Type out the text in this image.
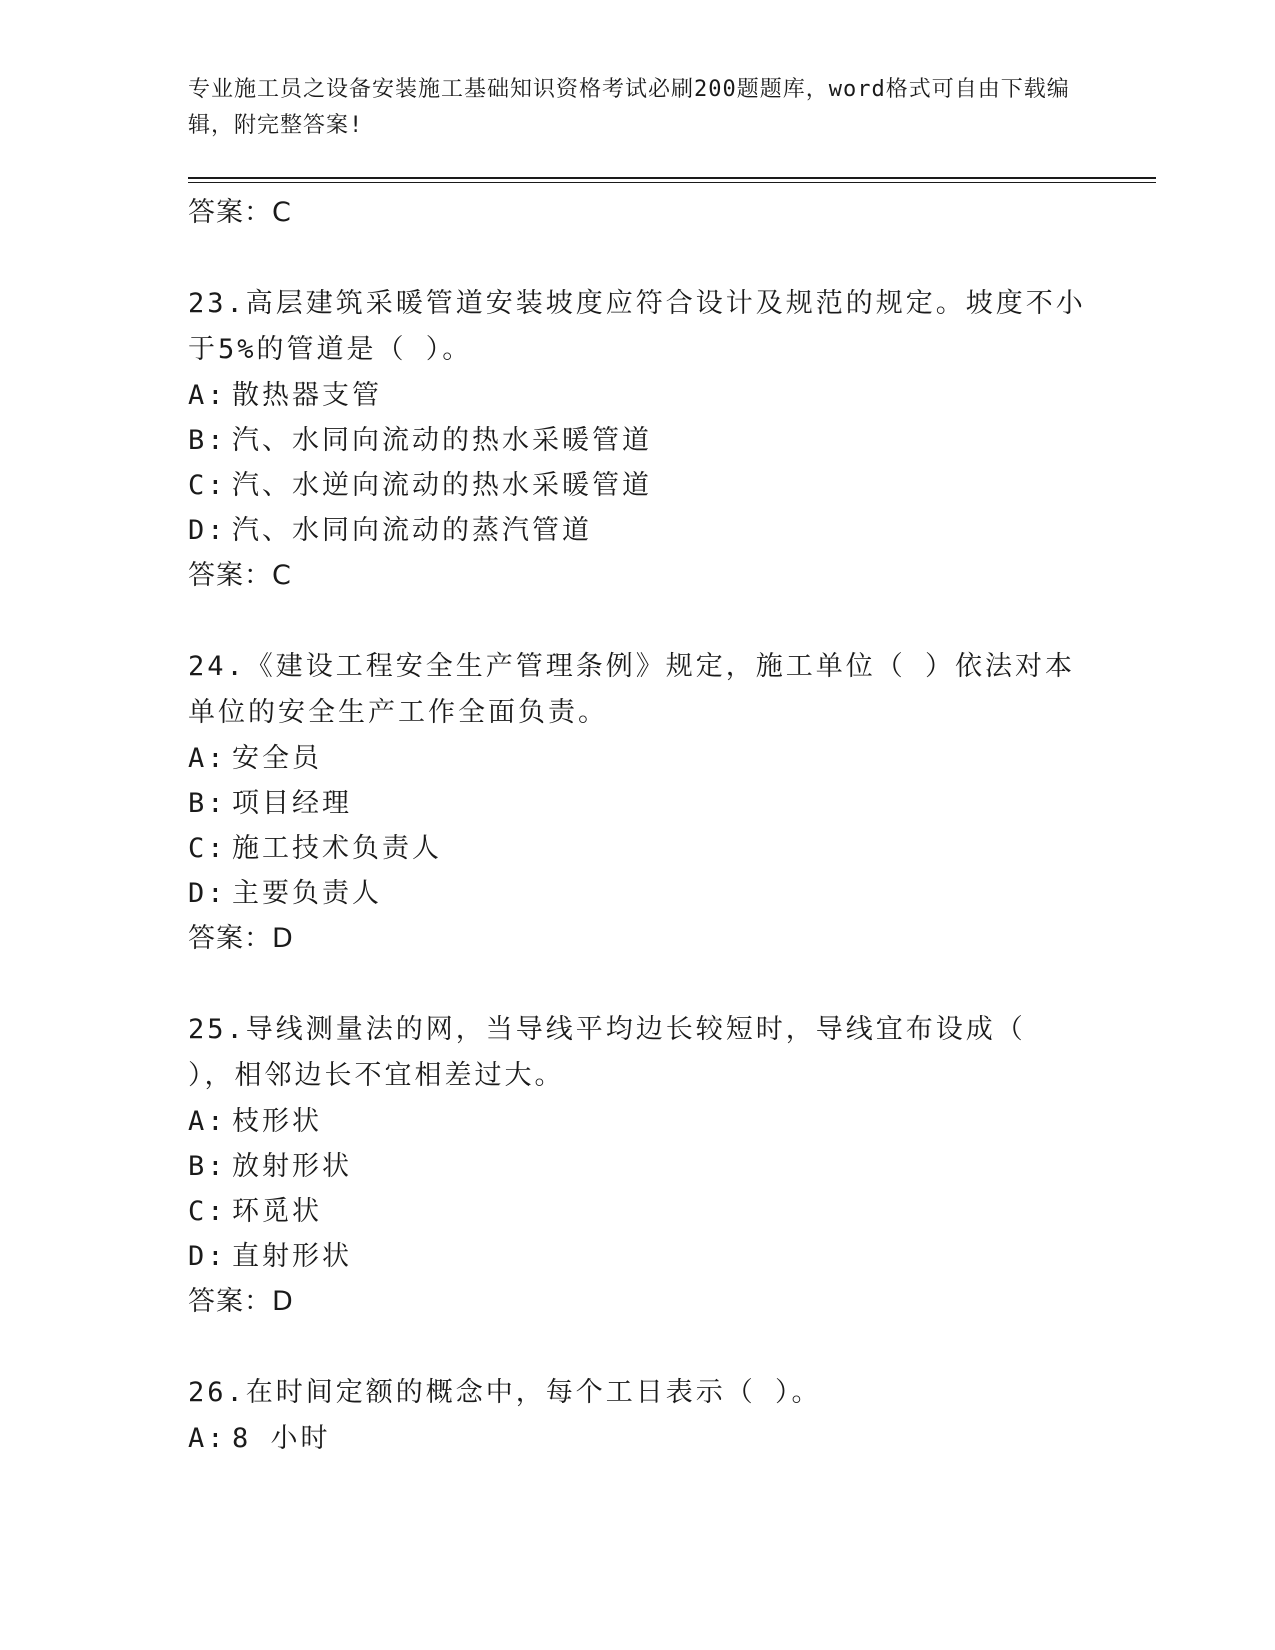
专业施工员之设备安装施工基础知识资格考试必刷200题题库，word格式可自由下载编辑，附完整答案!
答案：C
23.高层建筑采暖管道安装坡度应符合设计及规范的规定。坡度不小于5%的管道是（ ）。
A: 散热器支管
B: 汽、水同向流动的热水采暖管道
C: 汽、水逆向流动的热水采暖管道
D: 汽、水同向流动的蒸汽管道
答案：C
24.《建设工程安全生产管理条例》规定，施工单位（ ）依法对本单位的安全生产工作全面负责。
A: 安全员
B: 项目经理
C: 施工技术负责人
D: 主要负责人
答案：D
25.导线测量法的网，当导线平均边长较短时，导线宜布设成（ ），相邻边长不宜相差过大。
A: 枝形状
B: 放射形状
C: 环觅状
D: 直射形状
答案：D
26.在时间定额的概念中，每个工日表示（ ）。
A: 8 小时
